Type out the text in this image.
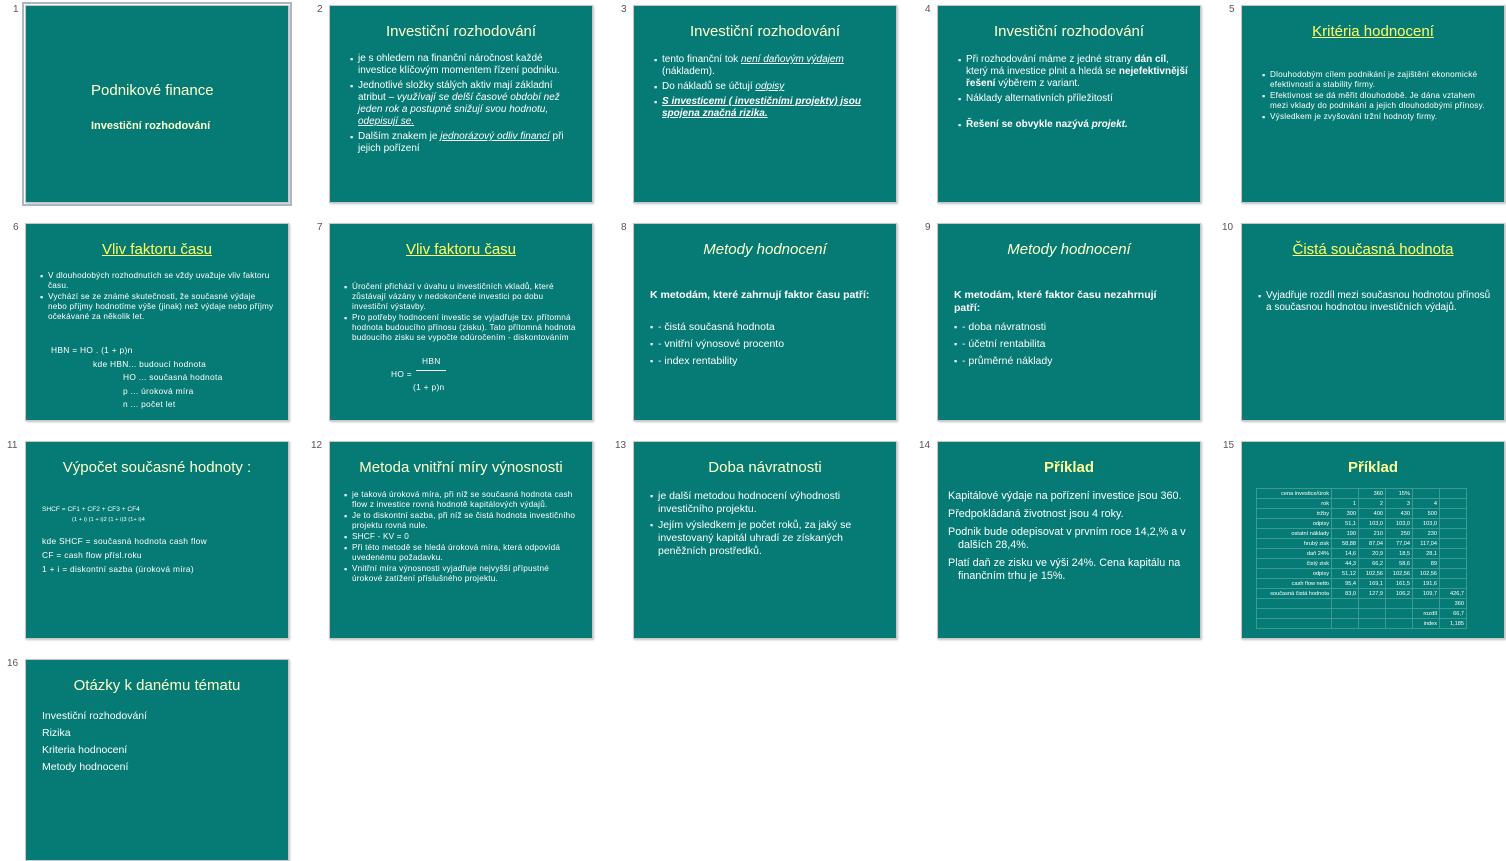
1
Podnikové finance
Investiční rozhodování
2
Investiční rozhodování
▪ je s ohledem na finanční náročnost každé investice klíčovým momentem řízení podniku.
▪ Jednotlivé složky stálých aktiv mají základní atribut – využívají se delší časové období než jeden rok a postupně snižují svou hodnotu, odepisují se.
▪ Dalším znakem je jednorázový odliv financí při jejich pořízení
3
Investiční rozhodování
▪ tento finanční tok není daňovým výdajem (nákladem).
▪ Do nákladů se účtují odpisy
▪ S investicemi ( investičními projekty) jsou spojena značná rizika.
4
Investiční rozhodování
▪ Při rozhodování máme z jedné strany dán cíl, který má investice plnit a hledá se nejefektivnější řešení výběrem z variant.
▪ Náklady alternativních příležitostí
▪ Řešení se obvykle nazývá projekt.
5
Kritéria hodnocení
▪ Dlouhodobým cílem podnikání je zajištění ekonomické efektivnosti a stability firmy.
▪ Efektivnost se dá měřit dlouhodobě. Je dána vztahem mezi vklady do podnikání a jejich dlouhodobými přínosy.
▪ Výsledkem je zvyšování tržní hodnoty firmy.
6
Vliv faktoru času
▪ V dlouhodobých rozhodnutích se vždy uvažuje vliv faktoru času.
▪ Vychází se ze známé skutečnosti, že současné výdaje nebo příjmy hodnotíme výše (jinak) než výdaje nebo příjmy očekávané za několik let.
HBN = HO . (1 + p)n
kde HBN... budoucí hodnota
HO ... současná hodnota
p ... úroková míra
n ... počet let
7
Vliv faktoru času
▪ Úročení přichází v úvahu u investičních vkladů, které zůstávají vázány v nedokončené investici po dobu investiční výstavby.
▪ Pro potřeby hodnocení investic se vyjadřuje tzv. přítomná hodnota budoucího přínosu (zisku). Tato přítomná hodnota budoucího zisku se vypočte odúročením - diskontováním
HBN
HO =
(1 + p)n
8
Metody hodnocení
K metodám, které zahrnují faktor času patří:
▪ - čistá současná hodnota
▪ - vnitřní výnosové procento
▪ - index rentability
9
Metody hodnocení
K metodám, které faktor času nezahrnují patří:
▪ - doba návratnosti
▪ - účetní rentabilita
▪ - průměrné náklady
10
Čistá současná hodnota
▪ Vyjadřuje rozdíl mezi současnou hodnotou přínosů a současnou hodnotou investičních výdajů.
11
Výpočet současné hodnoty :
SHCF = CF1 + CF2 + CF3 + CF4
(1 + i) (1 + i)2 (1 + i)3 (1+ i)4
kde SHCF = současná hodnota cash flow
CF = cash flow přísl.roku
1 + i = diskontní sazba (úroková míra)
12
Metoda vnitřní míry výnosnosti
▪ je taková úroková míra, při níž se současná hodnota cash flow z investice rovná hodnotě kapitálových výdajů.
▪ Je to diskontní sazba, při níž se čistá hodnota investičního projektu rovná nule.
▪ SHCF - KV = 0
▪ Při této metodě se hledá úroková míra, která odpovídá uvedenému požadavku.
▪ Vnitřní míra výnosnosti vyjadřuje nejvyšší přípustné úrokové zatížení příslušného projektu.
13
Doba návratnosti
▪ je další metodou hodnocení výhodnosti investičního projektu.
▪ Jejím výsledkem je počet roků, za jaký se investovaný kapitál uhradí ze získaných peněžních prostředků.
14
Příklad
Kapitálové výdaje na pořízení investice jsou 360.
Předpokládaná životnost jsou 4 roky.
Podnik bude odepisovat v prvním roce 14,2,% a v dalších 28,4%.
Platí daň ze zisku ve výši 24%. Cena kapitálu na finančním trhu je 15%.
15
Příklad
cena investice/úrok		360	15%		
rok	1	2	3	4	
tržby	300	400	430	500	
odpisy	51,1	103,0	103,0	103,0	
ostatní náklady	190	210	250	230	
hrubý zisk	58,88	87,04	77,04	117,04	
daň 24%	14,6	20,9	18,5	28,1	
čistý zisk	44,3	66,2	58,6	89	
odpisy	51,12	102,56	102,56	102,56	
cash flow netto	95,4	169,1	161,5	191,6	
současná čistá hodnota	83,0	127,9	106,2	109,7	426,7
					360
				rozdíl	66,7
				index	1,185
16
Otázky k danému tématu
Investiční rozhodování
Rizika
Kriteria hodnocení
Metody hodnocení
